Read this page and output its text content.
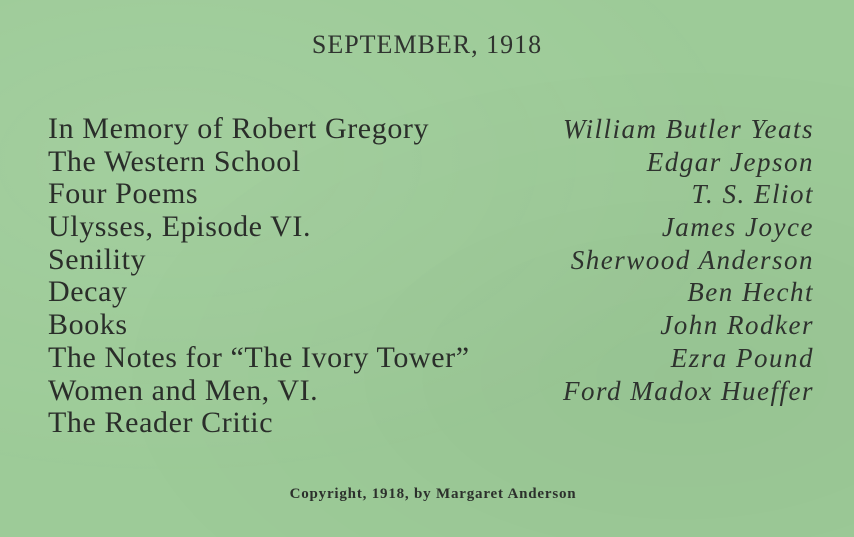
SEPTEMBER, 1918
In Memory of Robert Gregory	William Butler Yeats
The Western School	Edgar Jepson
Four Poems	T. S. Eliot
Ulysses, Episode VI.	James Joyce
Senility	Sherwood Anderson
Decay	Ben Hecht
Books	John Rodker
The Notes for “The Ivory Tower”	Ezra Pound
Women and Men, VI.	Ford Madox Hueffer
The Reader Critic
Copyright, 1918, by Margaret Anderson
